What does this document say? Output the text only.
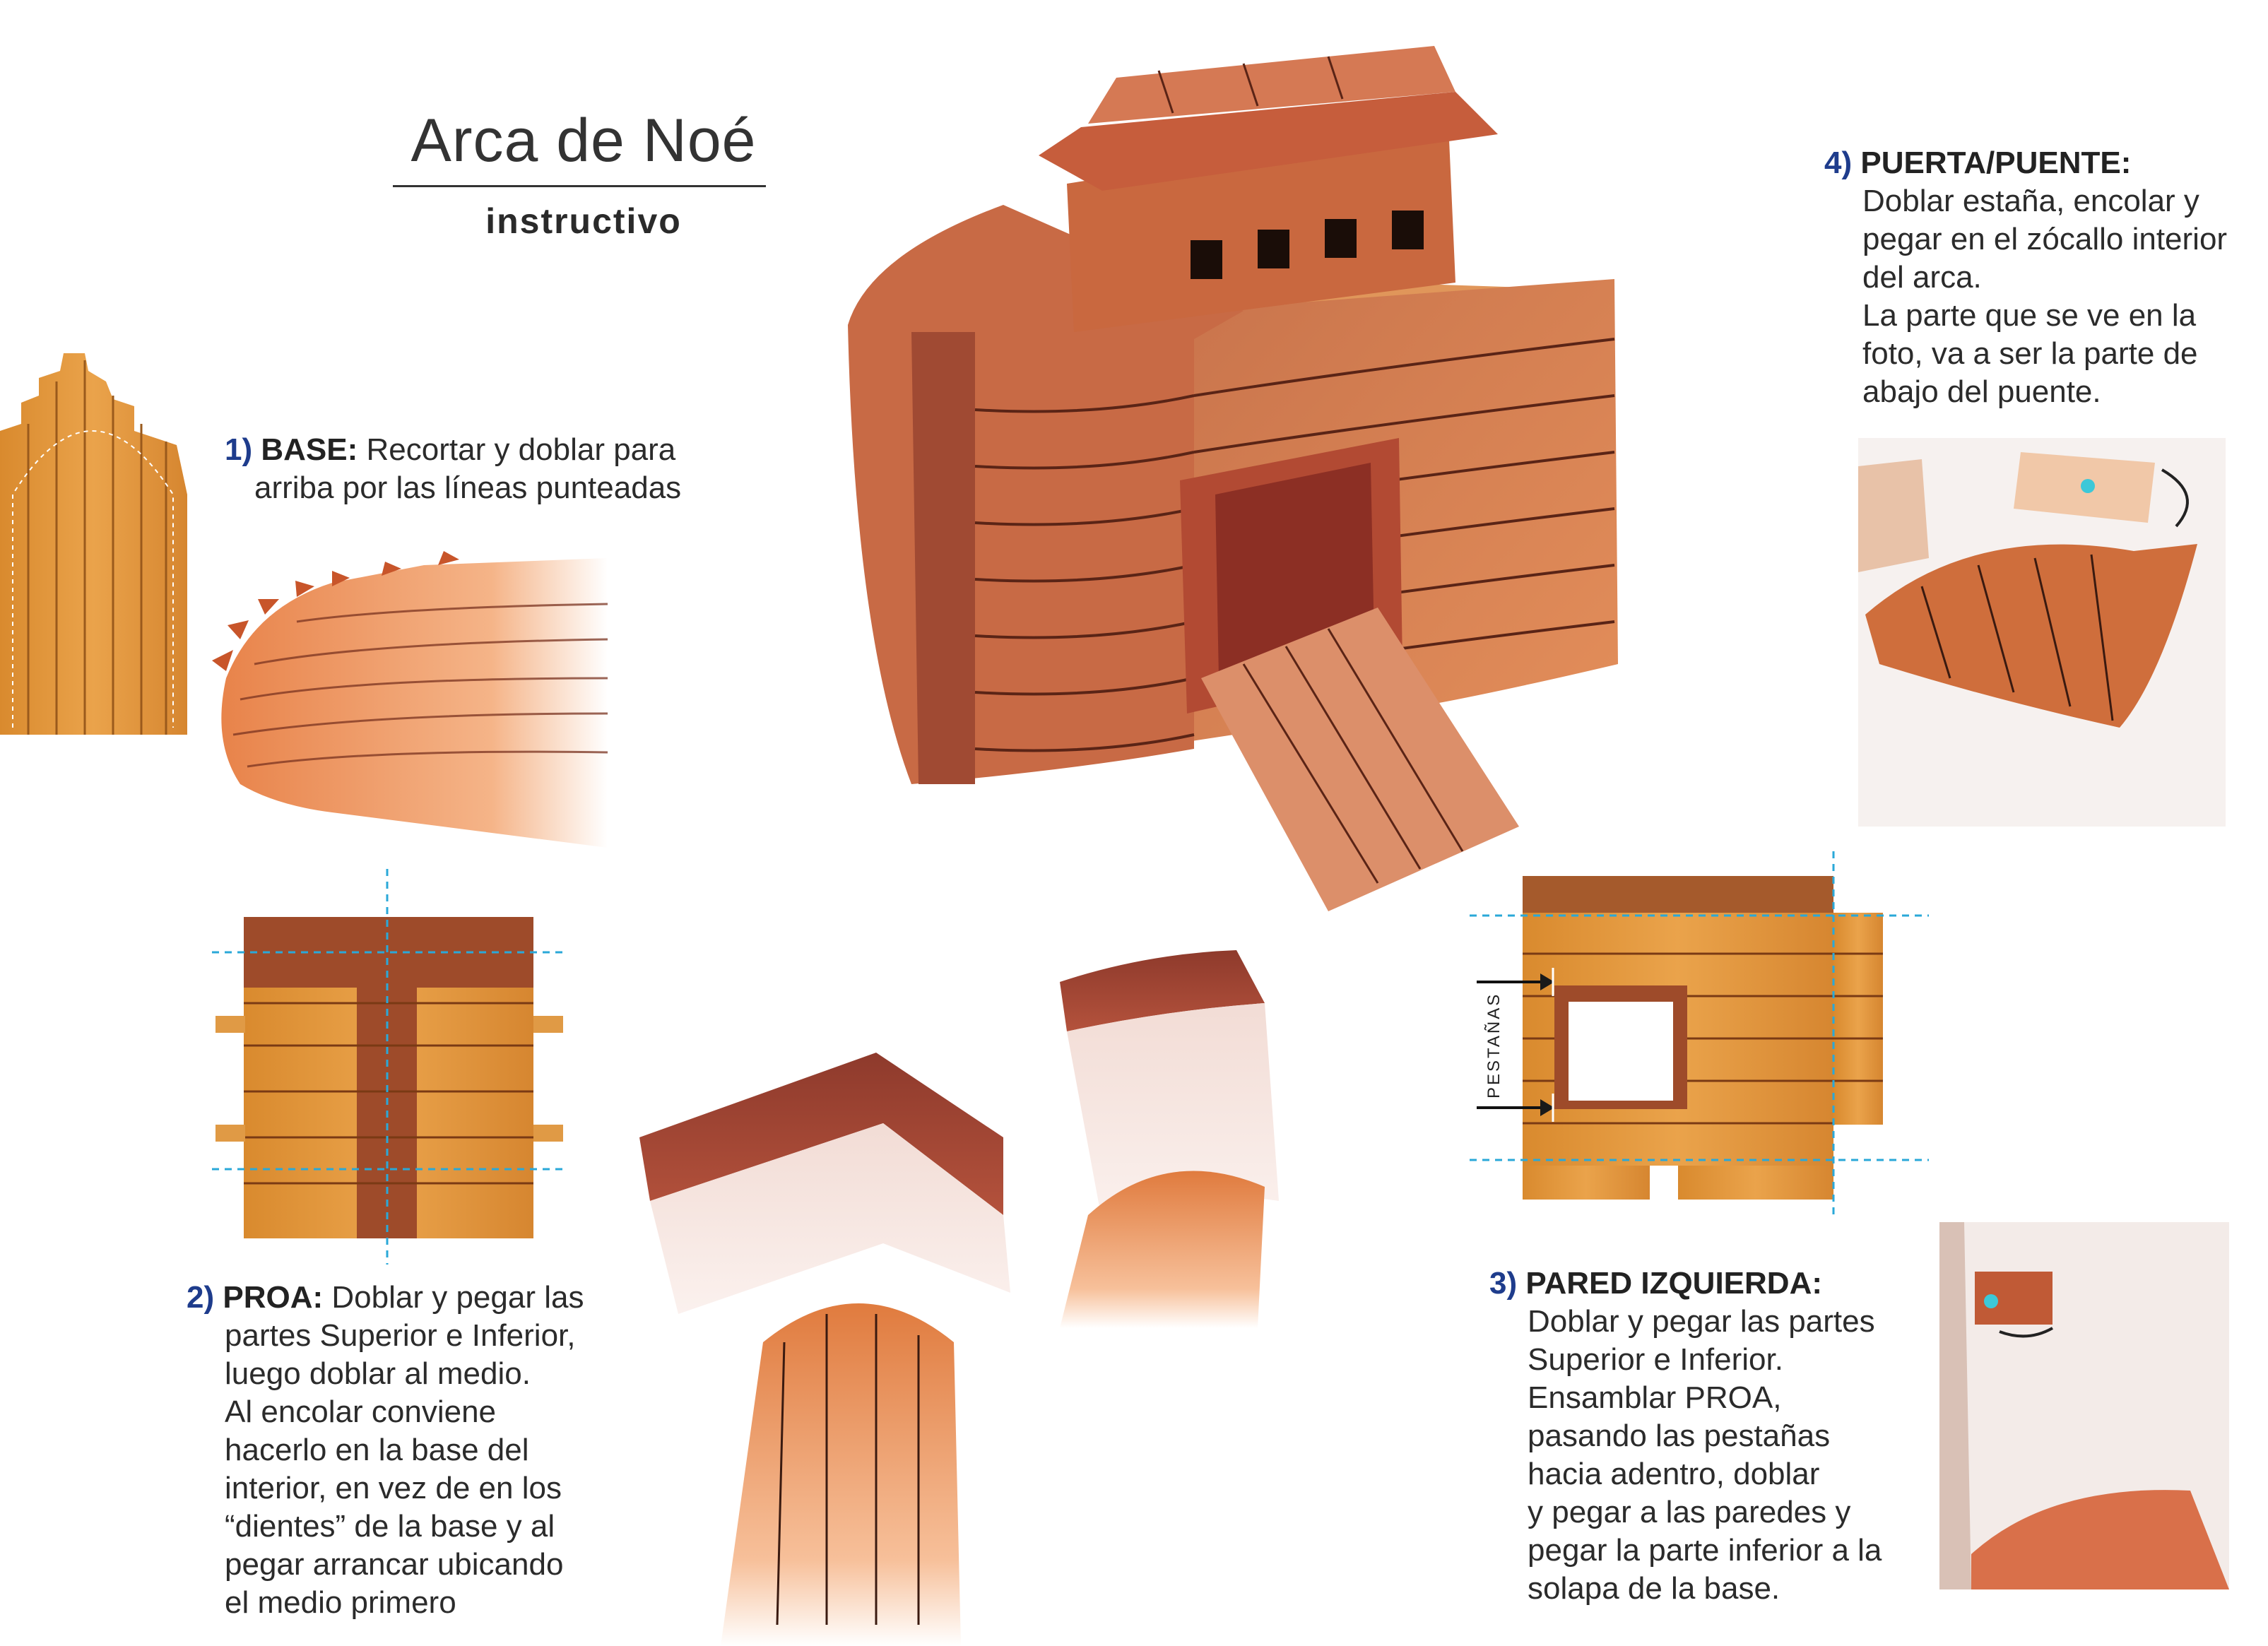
Arca de Noé
instructivo
1) BASE: Recortar y doblar para
arriba por las líneas punteadas
2) PROA: Doblar y pegar las
partes Superior e Inferior,
luego doblar al medio.
Al encolar conviene
hacerlo en la base del
interior, en vez de en los
“dientes” de la base y al
pegar arrancar ubicando
el medio primero
3) PARED IZQUIERDA:
Doblar y pegar las partes
Superior e Inferior.
Ensamblar PROA,
pasando las pestañas
hacia adentro, doblar
y pegar a las paredes y
pegar la parte inferior a la
solapa de la base.
4) PUERTA/PUENTE:
Doblar estaña, encolar y
pegar en el zócallo interior
del arca.
La parte que se ve en la
foto, va a ser la parte de
abajo del puente.
PESTAÑAS
